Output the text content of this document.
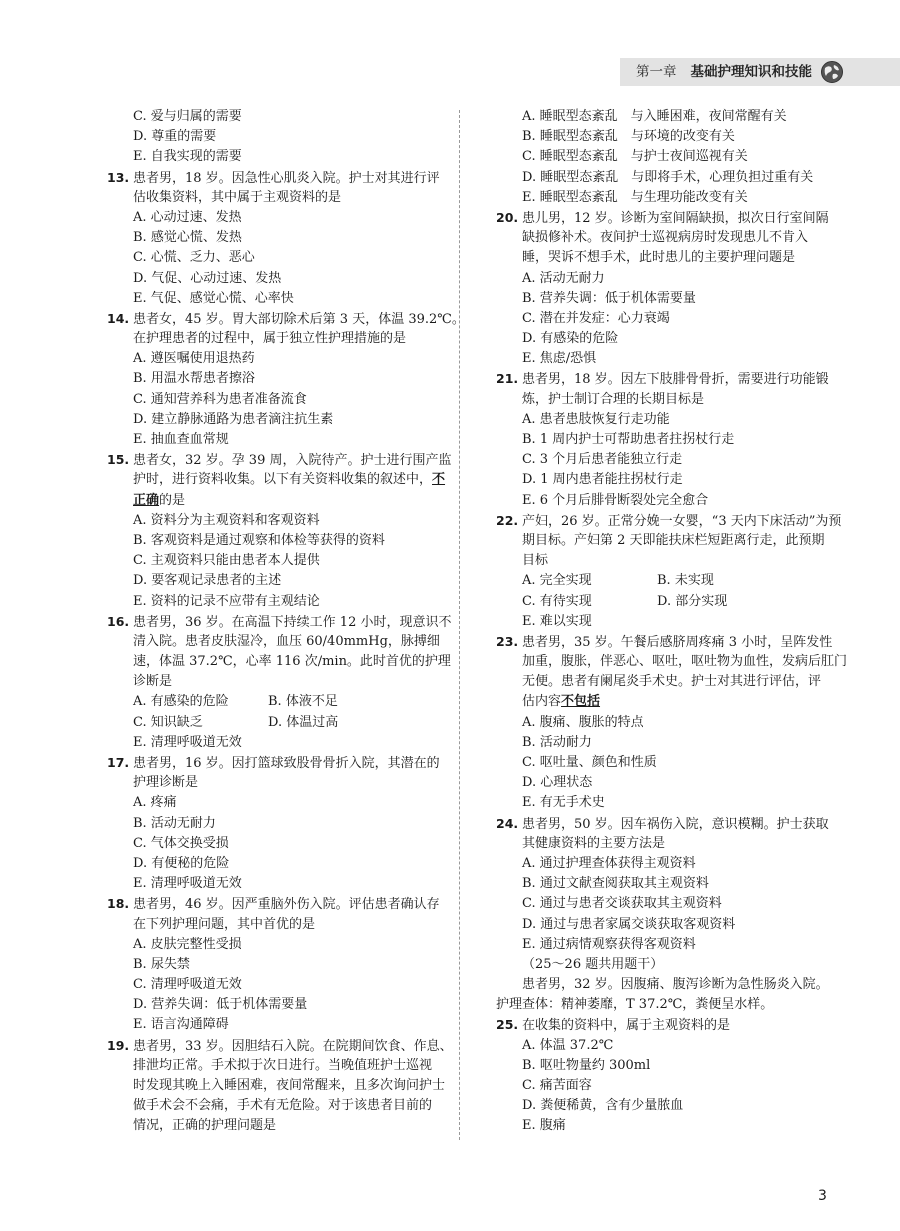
第一章 基础护理知识和技能
C. 爱与归属的需要
D. 尊重的需要
E. 自我实现的需要
13. 患者男，18 岁。因急性心肌炎入院。护士对其进行评
估收集资料，其中属于主观资料的是
A. 心动过速、发热
B. 感觉心慌、发热
C. 心慌、乏力、恶心
D. 气促、心动过速、发热
E. 气促、感觉心慌、心率快
14. 患者女，45 岁。胃大部切除术后第 3 天，体温 39.2℃。
在护理患者的过程中，属于独立性护理措施的是
A. 遵医嘱使用退热药
B. 用温水帮患者擦浴
C. 通知营养科为患者准备流食
D. 建立静脉通路为患者滴注抗生素
E. 抽血查血常规
15. 患者女，32 岁。孕 39 周，入院待产。护士进行围产监
护时，进行资料收集。以下有关资料收集的叙述中，不
正确的是
A. 资料分为主观资料和客观资料
B. 客观资料是通过观察和体检等获得的资料
C. 主观资料只能由患者本人提供
D. 要客观记录患者的主述
E. 资料的记录不应带有主观结论
16. 患者男，36 岁。在高温下持续工作 12 小时，现意识不
清入院。患者皮肤湿冷，血压 60/40mmHg，脉搏细
速，体温 37.2℃，心率 116 次/min。此时首优的护理
诊断是
A. 有感染的危险	B. 体液不足
C. 知识缺乏	D. 体温过高
E. 清理呼吸道无效
17. 患者男，16 岁。因打篮球致股骨骨折入院，其潜在的
护理诊断是
A. 疼痛
B. 活动无耐力
C. 气体交换受损
D. 有便秘的危险
E. 清理呼吸道无效
18. 患者男，46 岁。因严重脑外伤入院。评估患者确认存
在下列护理问题，其中首优的是
A. 皮肤完整性受损
B. 尿失禁
C. 清理呼吸道无效
D. 营养失调：低于机体需要量
E. 语言沟通障碍
19. 患者男，33 岁。因胆结石入院。在院期间饮食、作息、
排泄均正常。手术拟于次日进行。当晚值班护士巡视
时发现其晚上入睡困难，夜间常醒来，且多次询问护士
做手术会不会痛，手术有无危险。对于该患者目前的
情况，正确的护理问题是
A. 睡眠型态紊乱　与入睡困难，夜间常醒有关
B. 睡眠型态紊乱　与环境的改变有关
C. 睡眠型态紊乱　与护士夜间巡视有关
D. 睡眠型态紊乱　与即将手术，心理负担过重有关
E. 睡眠型态紊乱　与生理功能改变有关
20. 患儿男，12 岁。诊断为室间隔缺损，拟次日行室间隔
缺损修补术。夜间护士巡视病房时发现患儿不肯入
睡，哭诉不想手术，此时患儿的主要护理问题是
A. 活动无耐力
B. 营养失调：低于机体需要量
C. 潜在并发症：心力衰竭
D. 有感染的危险
E. 焦虑/恐惧
21. 患者男，18 岁。因左下肢腓骨骨折，需要进行功能锻
炼，护士制订合理的长期目标是
A. 患者患肢恢复行走功能
B. 1 周内护士可帮助患者拄拐杖行走
C. 3 个月后患者能独立行走
D. 1 周内患者能拄拐杖行走
E. 6 个月后腓骨断裂处完全愈合
22. 产妇，26 岁。正常分娩一女婴，“3 天内下床活动”为预
期目标。产妇第 2 天即能扶床栏短距离行走，此预期
目标
A. 完全实现	B. 未实现
C. 有待实现	D. 部分实现
E. 难以实现
23. 患者男，35 岁。午餐后感脐周疼痛 3 小时，呈阵发性
加重，腹胀，伴恶心、呕吐，呕吐物为血性，发病后肛门
无便。患者有阑尾炎手术史。护士对其进行评估，评
估内容不包括
A. 腹痛、腹胀的特点
B. 活动耐力
C. 呕吐量、颜色和性质
D. 心理状态
E. 有无手术史
24. 患者男，50 岁。因车祸伤入院，意识模糊。护士获取
其健康资料的主要方法是
A. 通过护理查体获得主观资料
B. 通过文献查阅获取其主观资料
C. 通过与患者交谈获取其主观资料
D. 通过与患者家属交谈获取客观资料
E. 通过病情观察获得客观资料
（25～26 题共用题干）
患者男，32 岁。因腹痛、腹泻诊断为急性肠炎入院。
护理查体：精神萎靡，T 37.2℃，粪便呈水样。
25. 在收集的资料中，属于主观资料的是
A. 体温 37.2℃
B. 呕吐物量约 300ml
C. 痛苦面容
D. 粪便稀黄，含有少量脓血
E. 腹痛
3
